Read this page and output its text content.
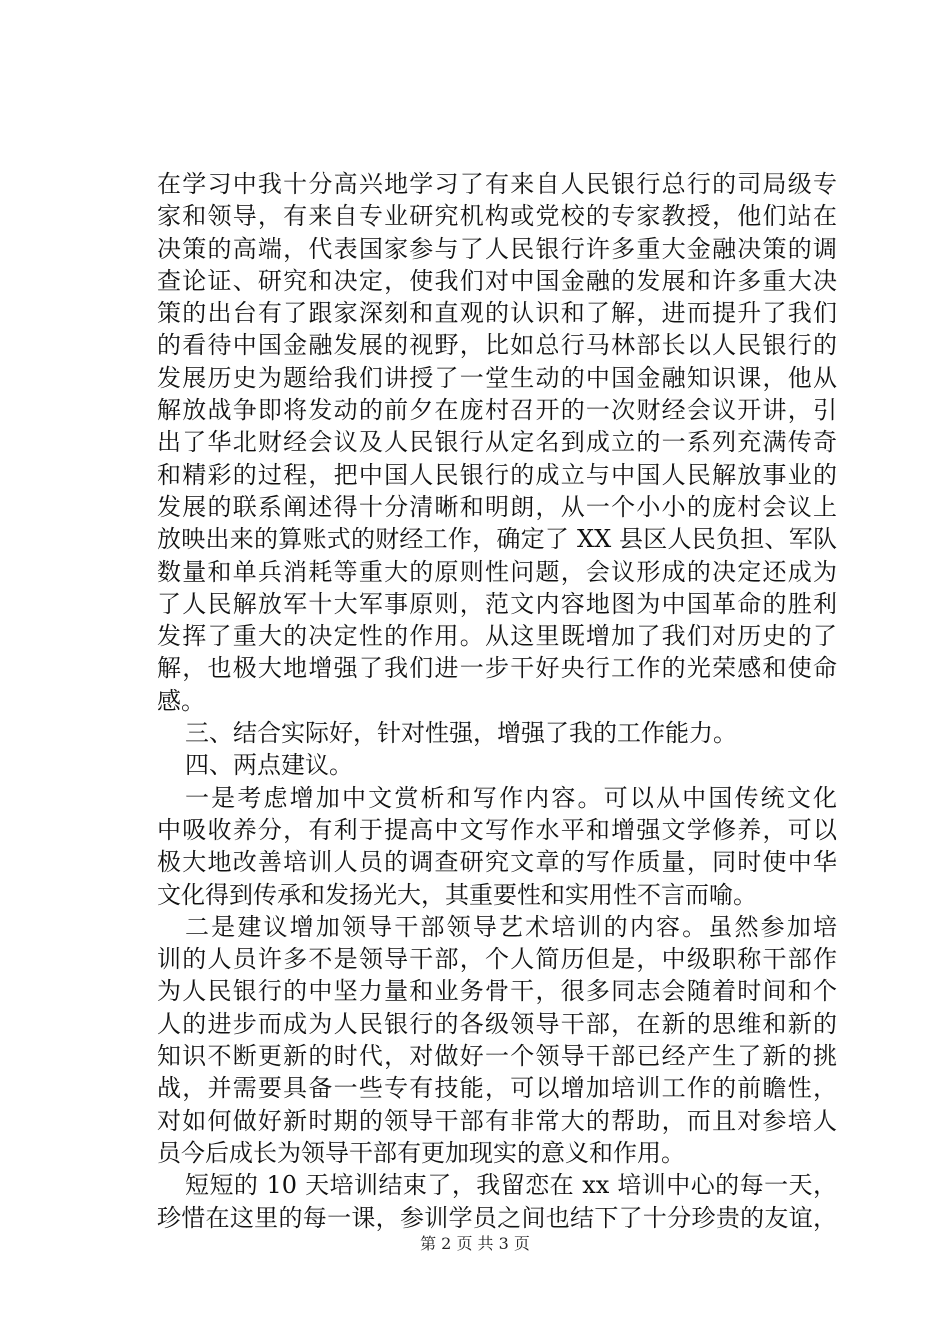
在学习中我十分高兴地学习了有来自人民银行总行的司局级专
家和领导，有来自专业研究机构或党校的专家教授，他们站在
决策的高端，代表国家参与了人民银行许多重大金融决策的调
查论证、研究和决定，使我们对中国金融的发展和许多重大决
策的出台有了跟家深刻和直观的认识和了解，进而提升了我们
的看待中国金融发展的视野，比如总行马林部长以人民银行的
发展历史为题给我们讲授了一堂生动的中国金融知识课，他从
解放战争即将发动的前夕在庞村召开的一次财经会议开讲，引
出了华北财经会议及人民银行从定名到成立的一系列充满传奇
和精彩的过程，把中国人民银行的成立与中国人民解放事业的
发展的联系阐述得十分清晰和明朗，从一个小小的庞村会议上
放映出来的算账式的财经工作，确定了 XX 县区人民负担、军队
数量和单兵消耗等重大的原则性问题，会议形成的决定还成为
了人民解放军十大军事原则，范文内容地图为中国革命的胜利
发挥了重大的决定性的作用。从这里既增加了我们对历史的了
解，也极大地增强了我们进一步干好央行工作的光荣感和使命
感。
三、结合实际好，针对性强，增强了我的工作能力。
四、两点建议。
一是考虑增加中文赏析和写作内容。可以从中国传统文化
中吸收养分，有利于提高中文写作水平和增强文学修养，可以
极大地改善培训人员的调查研究文章的写作质量，同时使中华
文化得到传承和发扬光大，其重要性和实用性不言而喻。
二是建议增加领导干部领导艺术培训的内容。虽然参加培
训的人员许多不是领导干部，个人简历但是，中级职称干部作
为人民银行的中坚力量和业务骨干，很多同志会随着时间和个
人的进步而成为人民银行的各级领导干部，在新的思维和新的
知识不断更新的时代，对做好一个领导干部已经产生了新的挑
战，并需要具备一些专有技能，可以增加培训工作的前瞻性，
对如何做好新时期的领导干部有非常大的帮助，而且对参培人
员今后成长为领导干部有更加现实的意义和作用。
短短的 10 天培训结束了，我留恋在 xx 培训中心的每一天，
珍惜在这里的每一课，参训学员之间也结下了十分珍贵的友谊，
第 2 页 共 3 页
